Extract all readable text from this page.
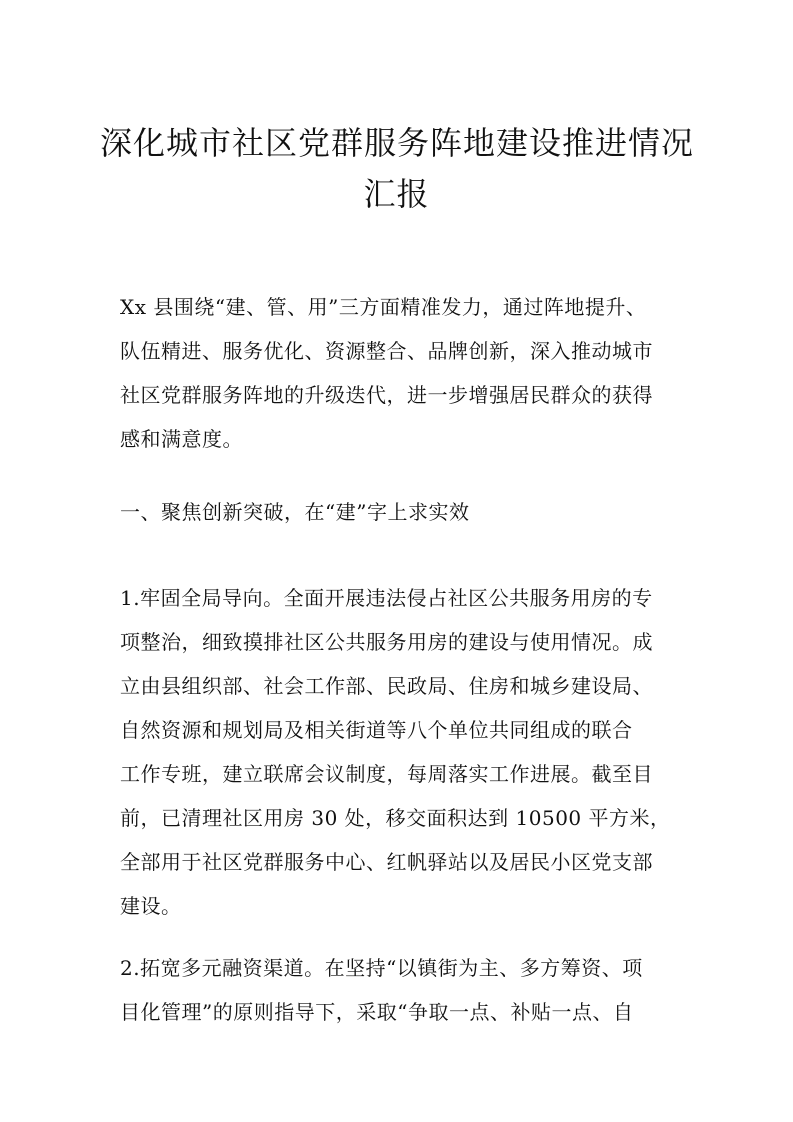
深化城市社区党群服务阵地建设推进情况
汇报
Xx 县围绕“建、管、用”三方面精准发力，通过阵地提升、
队伍精进、服务优化、资源整合、品牌创新，深入推动城市
社区党群服务阵地的升级迭代，进一步增强居民群众的获得
感和满意度。
一、聚焦创新突破，在“建”字上求实效
1.牢固全局导向。全面开展违法侵占社区公共服务用房的专
项整治，细致摸排社区公共服务用房的建设与使用情况。成
立由县组织部、社会工作部、民政局、住房和城乡建设局、
自然资源和规划局及相关街道等八个单位共同组成的联合
工作专班，建立联席会议制度，每周落实工作进展。截至目
前，已清理社区用房 30 处，移交面积达到 10500 平方米，
全部用于社区党群服务中心、红帆驿站以及居民小区党支部
建设。
2.拓宽多元融资渠道。在坚持“以镇街为主、多方筹资、项
目化管理”的原则指导下，采取“争取一点、补贴一点、自
